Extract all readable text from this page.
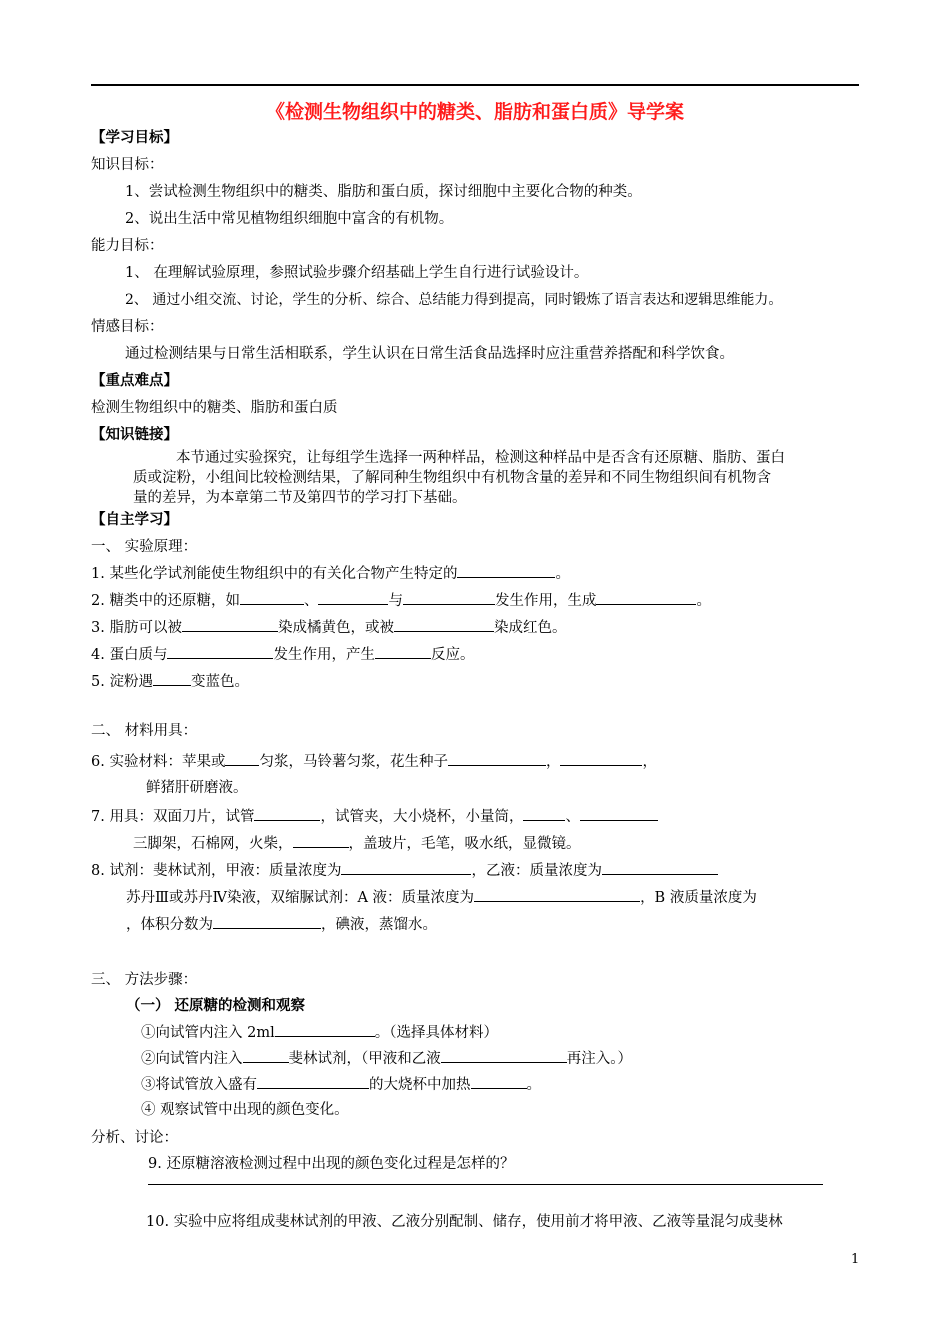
《检测生物组织中的糖类、脂肪和蛋白质》导学案
【学习目标】
知识目标：
1、尝试检测生物组织中的糖类、脂肪和蛋白质，探讨细胞中主要化合物的种类。
2、说出生活中常见植物组织细胞中富含的有机物。
能力目标：
1、 在理解试验原理，参照试验步骤介绍基础上学生自行进行试验设计。
2、 通过小组交流、讨论，学生的分析、综合、总结能力得到提高，同时锻炼了语言表达和逻辑思维能力。
情感目标：
通过检测结果与日常生活相联系，学生认识在日常生活食品选择时应注重营养搭配和科学饮食。
【重点难点】
检测生物组织中的糖类、脂肪和蛋白质
【知识链接】
本节通过实验探究，让每组学生选择一两种样品，检测这种样品中是否含有还原糖、脂肪、蛋白
质或淀粉，小组间比较检测结果，了解同种生物组织中有机物含量的差异和不同生物组织间有机物含
量的差异，为本章第二节及第四节的学习打下基础。
【自主学习】
一、 实验原理：
1. 某些化学试剂能使生物组织中的有关化合物产生特定的	。
2. 糖类中的还原糖，如	、	与	发生作用，生成	。
3. 脂肪可以被	染成橘黄色，或被	染成红色。
4. 蛋白质与	发生作用，产生	反应。
5. 淀粉遇	变蓝色。
二、 材料用具：
6. 实验材料：苹果或 匀浆，马铃薯匀浆，花生种子	，	，
鲜猪肝研磨液。
7. 用具：双面刀片，试管	，试管夹，大小烧杯，小量筒，	、
三脚架，石棉网，火柴，	，盖玻片，毛笔，吸水纸，显微镜。
8. 试剂：斐林试剂，甲液：质量浓度为	，乙液：质量浓度为
苏丹Ⅲ或苏丹Ⅳ染液，双缩脲试剂：A 液：质量浓度为	，B 液质量浓度为
，体积分数为	，碘液，蒸馏水。
三、 方法步骤：
（一） 还原糖的检测和观察
①向试管内注入 2ml	。（选择具体材料）
②向试管内注入	斐林试剂，（甲液和乙液	再注入。）
③将试管放入盛有	的大烧杯中加热	。
④ 观察试管中出现的颜色变化。
分析、讨论：
9. 还原糖溶液检测过程中出现的颜色变化过程是怎样的？
10. 实验中应将组成斐林试剂的甲液、乙液分别配制、储存，使用前才将甲液、乙液等量混匀成斐林
1
